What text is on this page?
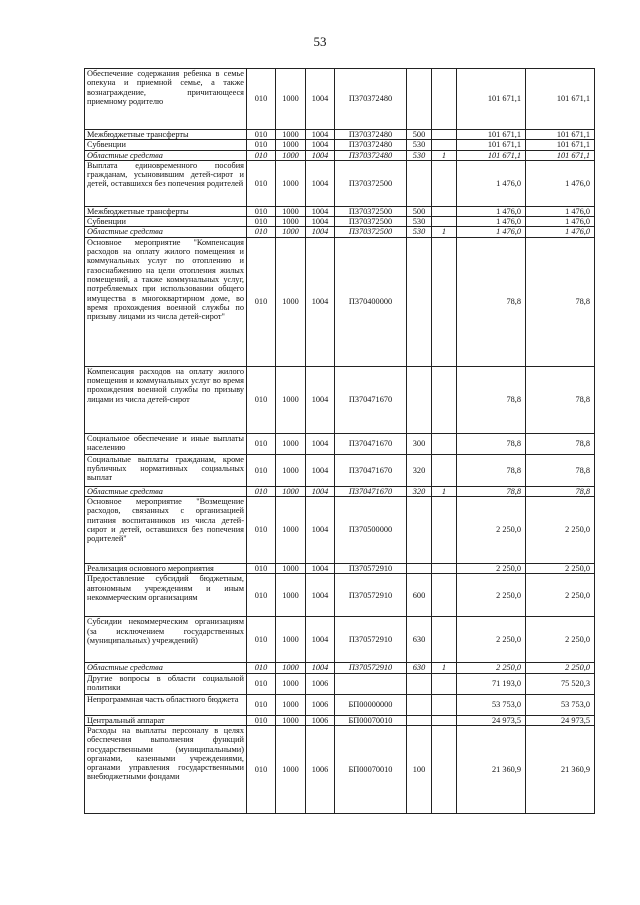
53
Обеспечение содержания ребенка в семье опекуна и приемной семье, а также вознаграждение, причитающееся приемному родителю	010	1000	1004	П370372480			101 671,1	101 671,1
Межбюджетные трансферты	010	1000	1004	П370372480	500		101 671,1	101 671,1
Субвенции	010	1000	1004	П370372480	530		101 671,1	101 671,1
Областные средства	010	1000	1004	П370372480	530	1	101 671,1	101 671,1
Выплата единовременного пособия гражданам, усыновившим детей-сирот и детей, оставшихся без попечения родителей	010	1000	1004	П370372500			1 476,0	1 476,0
Межбюджетные трансферты	010	1000	1004	П370372500	500		1 476,0	1 476,0
Субвенции	010	1000	1004	П370372500	530		1 476,0	1 476,0
Областные средства	010	1000	1004	П370372500	530	1	1 476,0	1 476,0
Основное мероприятие "Компенсация расходов на оплату жилого помещения и коммунальных услуг по отоплению и газоснабжению на цели отопления жилых помещений, а также коммунальных услуг, потребляемых при использовании общего имущества в многоквартирном доме, во время прохождения военной службы по призыву лицами из числа детей-сирот"	010	1000	1004	П370400000			78,8	78,8
Компенсация расходов на оплату жилого помещения и коммунальных услуг во время прохождения военной службы по призыву лицами из числа детей-сирот	010	1000	1004	П370471670			78,8	78,8
Социальное обеспечение и иные выплаты населению	010	1000	1004	П370471670	300		78,8	78,8
Социальные выплаты гражданам, кроме публичных нормативных социальных выплат	010	1000	1004	П370471670	320		78,8	78,8
Областные средства	010	1000	1004	П370471670	320	1	78,8	78,8
Основное мероприятие "Возмещение расходов, связанных с организацией питания воспитанников из числа детей-сирот и детей, оставшихся без попечения родителей"	010	1000	1004	П370500000			2 250,0	2 250,0
Реализация основного мероприятия	010	1000	1004	П370572910			2 250,0	2 250,0
Предоставление субсидий бюджетным, автономным учреждениям и иным некоммерческим организациям	010	1000	1004	П370572910	600		2 250,0	2 250,0
Субсидии некоммерческим организациям (за исключением государственных (муниципальных) учреждений)	010	1000	1004	П370572910	630		2 250,0	2 250,0
Областные средства	010	1000	1004	П370572910	630	1	2 250,0	2 250,0
Другие вопросы в области социальной политики	010	1000	1006				71 193,0	75 520,3
Непрограммная часть областного бюджета	010	1000	1006	БП00000000			53 753,0	53 753,0
Центральный аппарат	010	1000	1006	БП00070010			24 973,5	24 973,5
Расходы на выплаты персоналу в целях обеспечения выполнения функций государственными (муниципальными) органами, казенными учреждениями, органами управления государственными внебюджетными фондами	010	1000	1006	БП00070010	100		21 360,9	21 360,9
